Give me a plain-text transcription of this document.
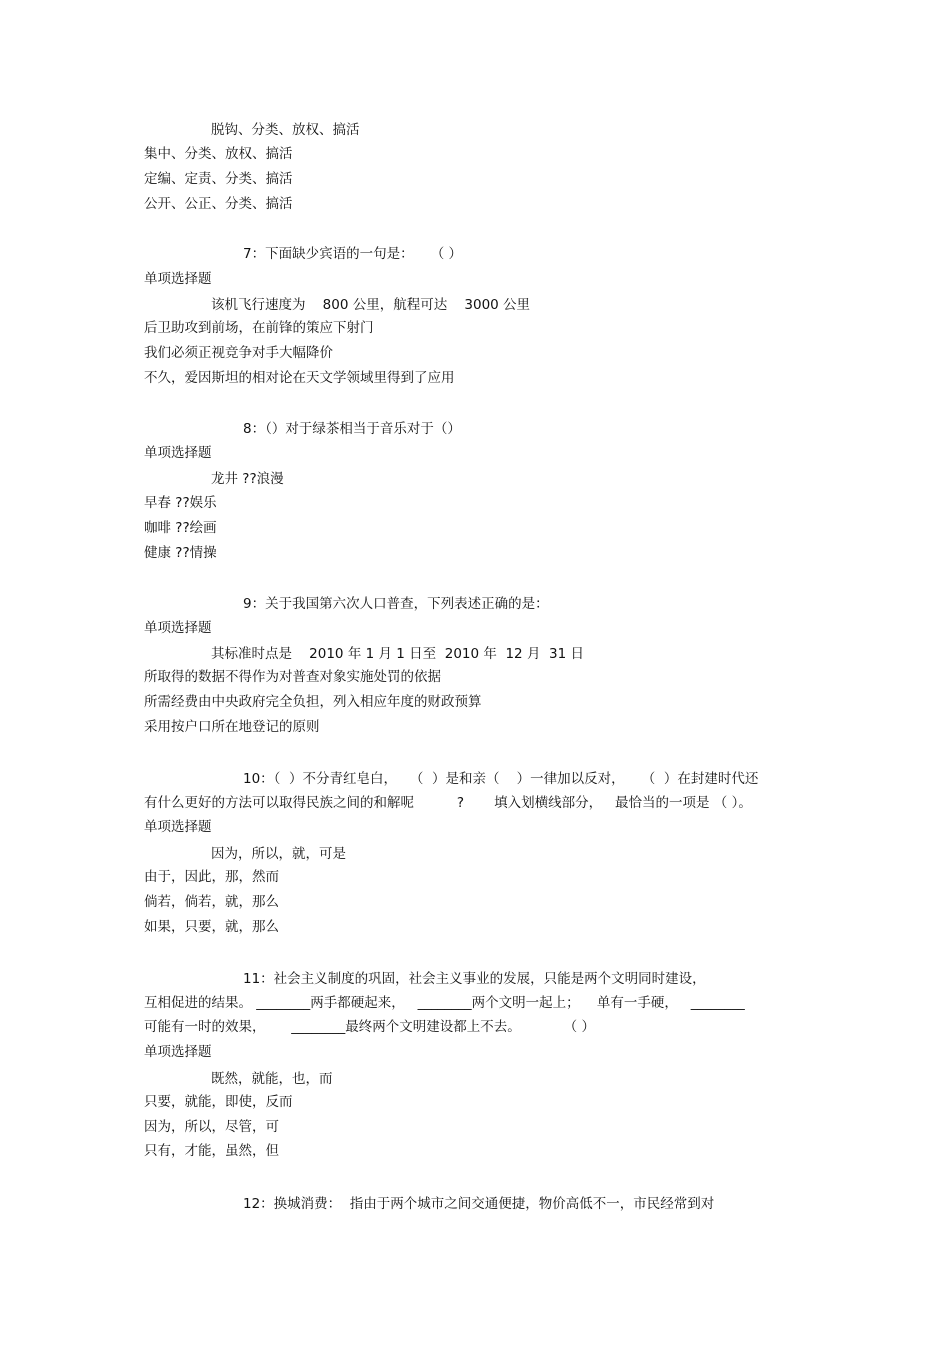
脱钩、分类、放权、搞活
集中、分类、放权、搞活
定编、定责、分类、搞活
公开、公正、分类、搞活
7：下面缺少宾语的一句是：    （ ）
单项选择题
该机飞行速度为    800 公里，航程可达    3000 公里
后卫助攻到前场，在前锋的策应下射门
我们必须正视竞争对手大幅降价
不久，爱因斯坦的相对论在天文学领域里得到了应用
8：（）对于绿茶相当于音乐对于（）
单项选择题
龙井 ??浪漫
早春 ??娱乐
咖啡 ??绘画
健康 ??情操
9：关于我国第六次人口普查，下列表述正确的是：
单项选择题
其标准时点是    2010 年 1 月 1 日至  2010 年  12 月  31 日
所取得的数据不得作为对普查对象实施处罚的依据
所需经费由中央政府完全负担，列入相应年度的财政预算
采用按户口所在地登记的原则
10：（  ）不分青红皂白，   （  ）是和亲（    ）一律加以反对，    （  ）在封建时代还
有什么更好的方法可以取得民族之间的和解呢          ?       填入划横线部分，   最恰当的一项是 （ ）。
单项选择题
因为，所以，就，可是
由于，因此，那，然而
倘若，倘若，就，那么
如果，只要，就，那么
11：社会主义制度的巩固，社会主义事业的发展，只能是两个文明同时建设，
互相促进的结果。 ________两手都硬起来，   ________两个文明一起上；    单有一手硬，   ________
可能有一时的效果，      ________最终两个文明建设都上不去。          （ ）
单项选择题
既然，就能，也，而
只要，就能，即使，反而
因为，所以，尽管，可
只有，才能，虽然，但
12：换城消费：  指由于两个城市之间交通便捷，物价高低不一，市民经常到对
